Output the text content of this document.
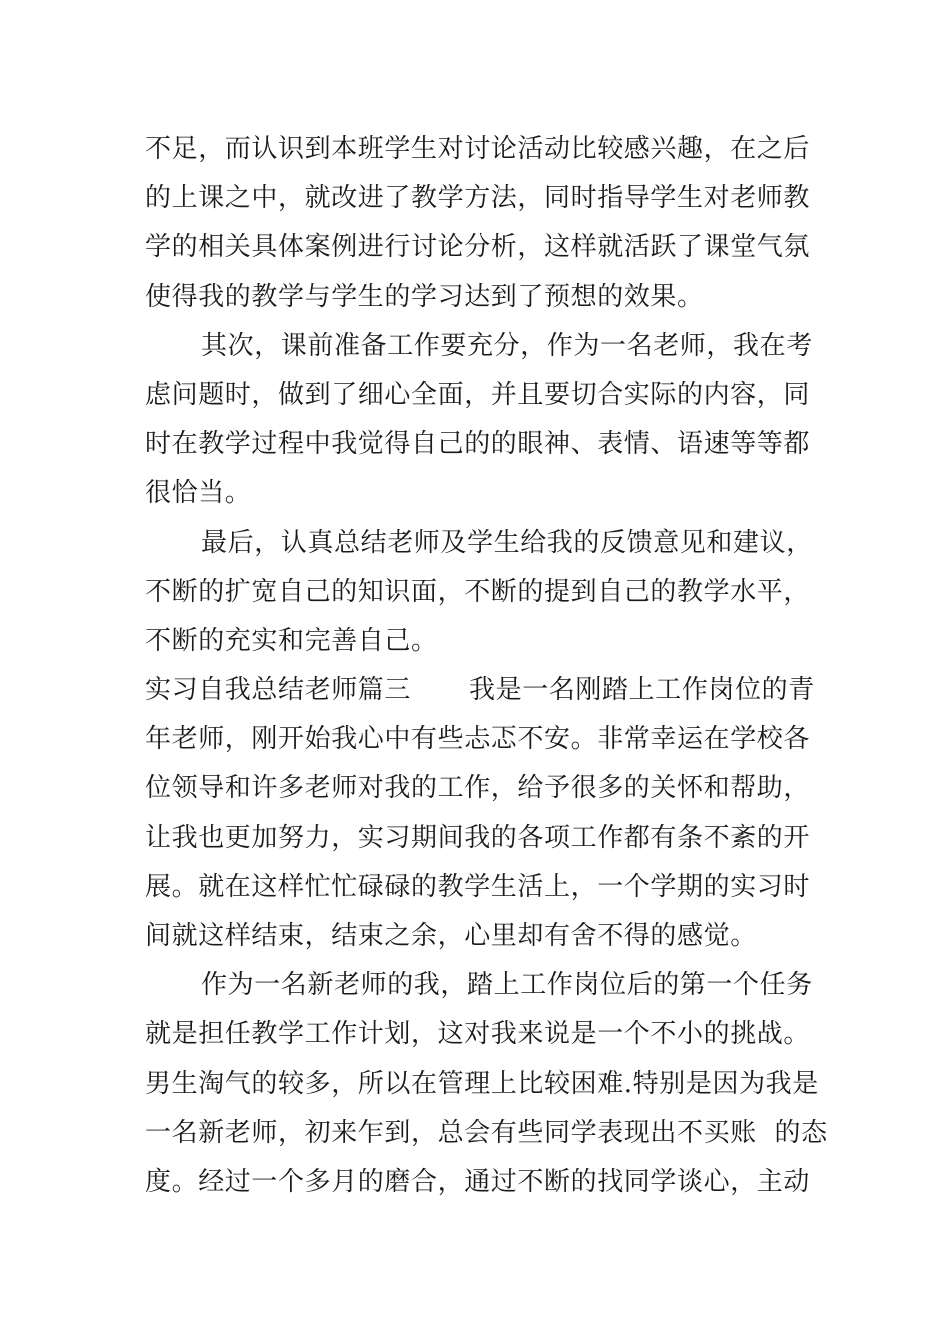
不足，而认识到本班学生对讨论活动比较感兴趣，在之后
的上课之中，就改进了教学方法，同时指导学生对老师教
学的相关具体案例进行讨论分析，这样就活跃了课堂气氛
使得我的教学与学生的学习达到了预想的效果。
其次，课前准备工作要充分，作为一名老师，我在考
虑问题时，做到了细心全面，并且要切合实际的内容，同
时在教学过程中我觉得自己的的眼神、表情、语速等等都
很恰当。
最后，认真总结老师及学生给我的反馈意见和建议，
不断的扩宽自己的知识面，不断的提到自己的教学水平，
不断的充实和完善自己。
实习自我总结老师篇三 我是一名刚踏上工作岗位的青
年老师，刚开始我心中有些忐忑不安。非常幸运在学校各
位领导和许多老师对我的工作，给予很多的关怀和帮助，
让我也更加努力，实习期间我的各项工作都有条不紊的开
展。就在这样忙忙碌碌的教学生活上，一个学期的实习时
间就这样结束，结束之余，心里却有舍不得的感觉。
作为一名新老师的我，踏上工作岗位后的第一个任务
就是担任教学工作计划，这对我来说是一个不小的挑战。
男生淘气的较多，所以在管理上比较困难.特别是因为我是
一名新老师，初来乍到，总会有些同学表现出不买账  的态
度。经过一个多月的磨合，通过不断的找同学谈心，主动
